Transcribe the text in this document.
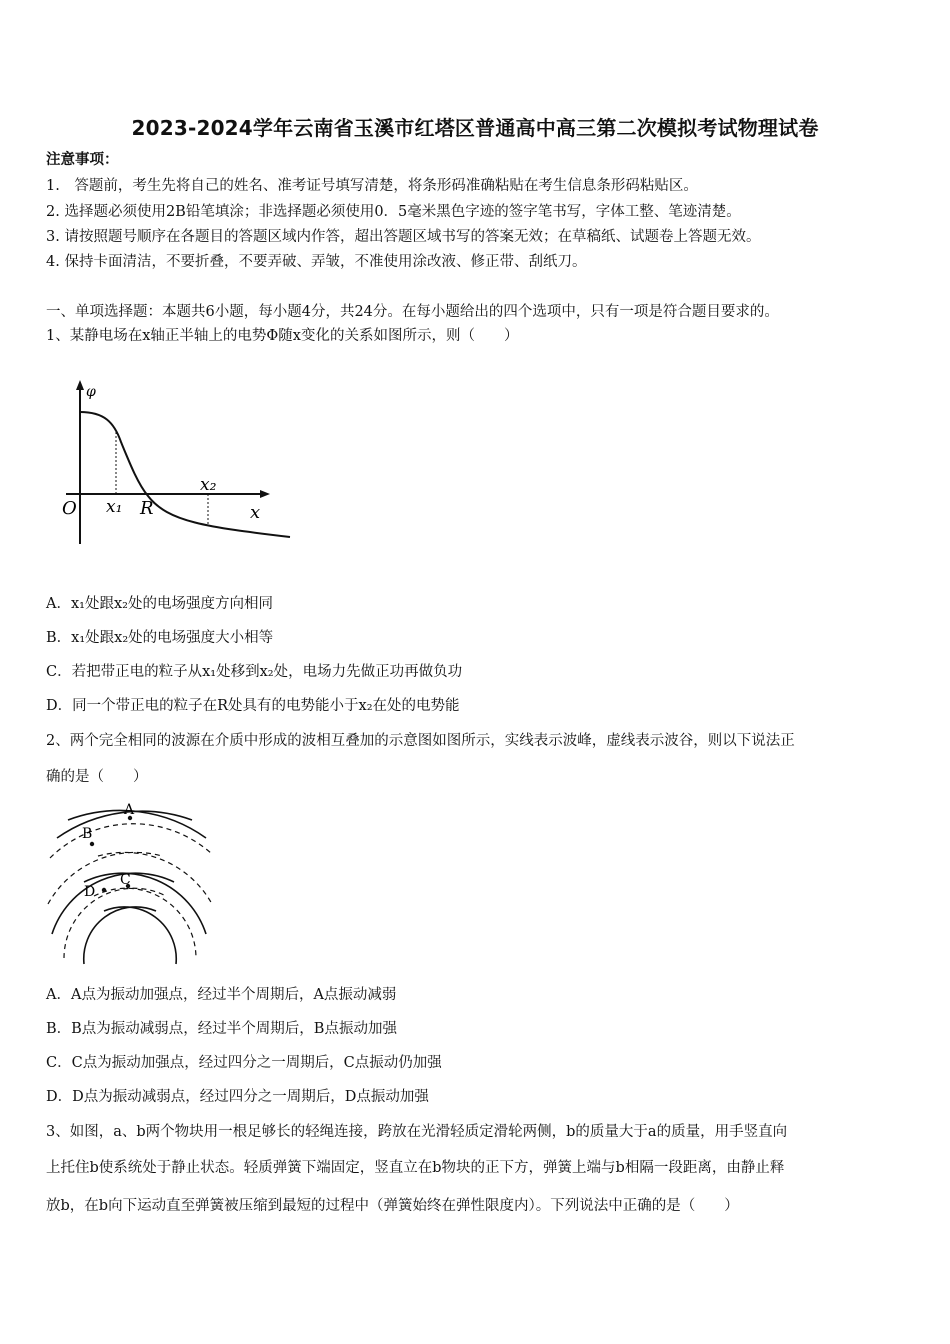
2023-2024学年云南省玉溪市红塔区普通高中高三第二次模拟考试物理试卷
注意事项：
1.　答题前，考生先将自己的姓名、准考证号填写清楚，将条形码准确粘贴在考生信息条形码粘贴区。
2. 选择题必须使用2B铅笔填涂；非选择题必须使用0．5毫米黑色字迹的签字笔书写，字体工整、笔迹清楚。
3. 请按照题号顺序在各题目的答题区域内作答，超出答题区域书写的答案无效；在草稿纸、试题卷上答题无效。
4. 保持卡面清洁，不要折叠，不要弄破、弄皱，不准使用涂改液、修正带、刮纸刀。
一、单项选择题：本题共6小题，每小题4分，共24分。在每小题给出的四个选项中，只有一项是符合题目要求的。
1、某静电场在x轴正半轴上的电势Φ随x变化的关系如图所示，则（　　）
φ
O x₁ R
x₂
x
A．x₁处跟x₂处的电场强度方向相同
B．x₁处跟x₂处的电场强度大小相等
C．若把带正电的粒子从x₁处移到x₂处，电场力先做正功再做负功
D．同一个带正电的粒子在R处具有的电势能小于x₂在处的电势能
2、两个完全相同的波源在介质中形成的波相互叠加的示意图如图所示，实线表示波峰，虚线表示波谷，则以下说法正
确的是（　　）
A
B
C
D
A．A点为振动加强点，经过半个周期后，A点振动减弱
B．B点为振动减弱点，经过半个周期后，B点振动加强
C．C点为振动加强点，经过四分之一周期后，C点振动仍加强
D．D点为振动减弱点，经过四分之一周期后，D点振动加强
3、如图，a、b两个物块用一根足够长的轻绳连接，跨放在光滑轻质定滑轮两侧，b的质量大于a的质量，用手竖直向
上托住b使系统处于静止状态。轻质弹簧下端固定，竖直立在b物块的正下方，弹簧上端与b相隔一段距离，由静止释
放b，在b向下运动直至弹簧被压缩到最短的过程中（弹簧始终在弹性限度内）。下列说法中正确的是（　　）
